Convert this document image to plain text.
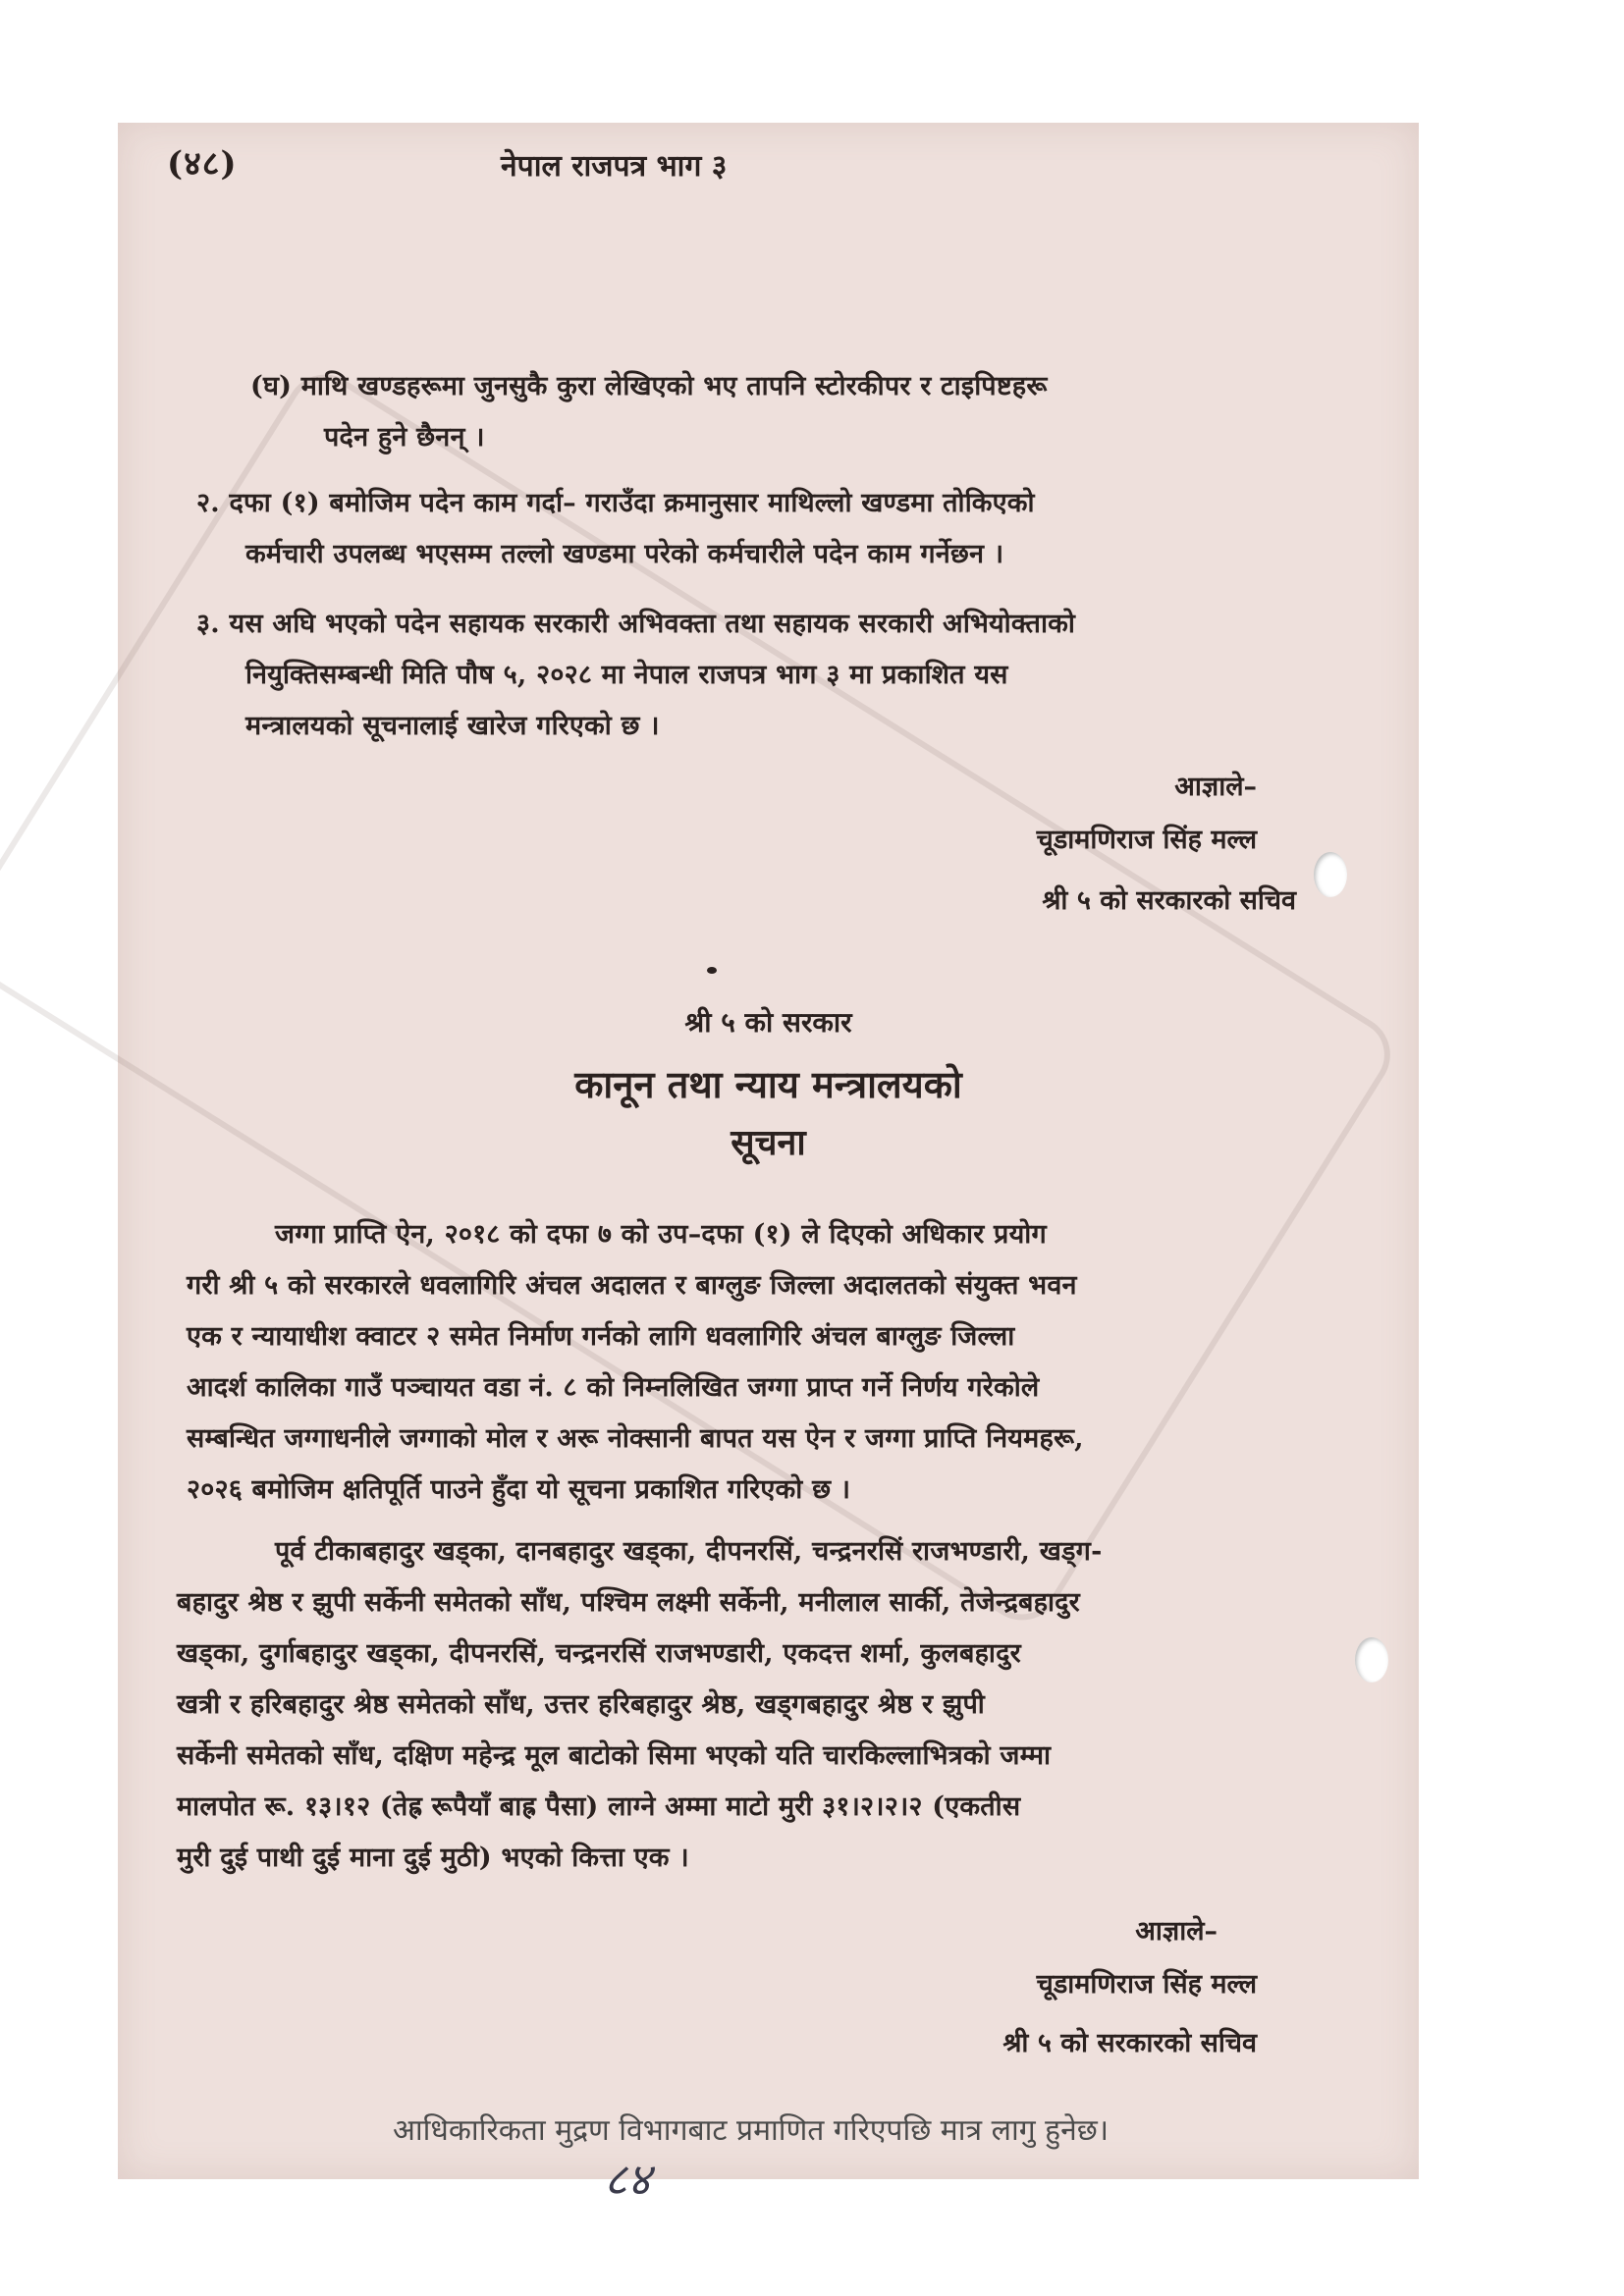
(४८)	नेपाल राजपत्र भाग ३
(घ) माथि खण्डहरूमा जुनसुकै कुरा लेखिएको भए तापनि स्टोरकीपर र टाइपिष्टहरू
पदेन हुने छैनन् ।
२. दफा (१) बमोजिम पदेन काम गर्दा– गराउँदा क्रमानुसार माथिल्लो खण्डमा तोकिएको
कर्मचारी उपलब्ध भएसम्म तल्लो खण्डमा परेको कर्मचारीले पदेन काम गर्नेछन ।
३. यस अघि भएको पदेन सहायक सरकारी अभिवक्ता तथा सहायक सरकारी अभियोक्ताको
नियुक्तिसम्बन्धी मिति पौष ५, २०२८ मा नेपाल राजपत्र भाग ३ मा प्रकाशित यस
मन्त्रालयको सूचनालाई खारेज गरिएको छ ।
आज्ञाले–
चूडामणिराज सिंह मल्ल
श्री ५ को सरकारको सचिव
श्री ५ को सरकार
कानून तथा न्याय मन्त्रालयको
सूचना
जग्गा प्राप्ति ऐन, २०१८ को दफा ७ को उप–दफा (१) ले दिएको अधिकार प्रयोग
गरी श्री ५ को सरकारले धवलागिरि अंचल अदालत र बाग्लुङ जिल्ला अदालतको संयुक्त भवन
एक र न्यायाधीश क्वाटर २ समेत निर्माण गर्नको लागि धवलागिरि अंचल बाग्लुङ जिल्ला
आदर्श कालिका गाउँ पञ्चायत वडा नं. ८ को निम्नलिखित जग्गा प्राप्त गर्ने निर्णय गरेकोले
सम्बन्धित जग्गाधनीले जग्गाको मोल र अरू नोक्सानी बापत यस ऐन र जग्गा प्राप्ति नियमहरू,
२०२६ बमोजिम क्षतिपूर्ति पाउने हुँदा यो सूचना प्रकाशित गरिएको छ ।
पूर्व टीकाबहादुर खड्का, दानबहादुर खड्का, दीपनरसिं, चन्द्रनरसिं राजभण्डारी, खड्ग-
बहादुर श्रेष्ठ र झुपी सर्केनी समेतको साँध, पश्चिम लक्ष्मी सर्केनी, मनीलाल सार्की, तेजेन्द्रबहादुर
खड्का, दुर्गाबहादुर खड्का, दीपनरसिं, चन्द्रनरसिं राजभण्डारी, एकदत्त शर्मा, कुलबहादुर
खत्री र हरिबहादुर श्रेष्ठ समेतको साँध, उत्तर हरिबहादुर श्रेष्ठ, खड्गबहादुर श्रेष्ठ र झुपी
सर्केनी समेतको साँध, दक्षिण महेन्द्र मूल बाटोको सिमा भएको यति चारकिल्लाभित्रको जम्मा
मालपोत रू. १३।१२ (तेह्र रूपैयाँ बाह्र पैसा) लाग्ने अम्मा माटो मुरी ३१।२।२।२ (एकतीस
मुरी दुई पाथी दुई माना दुई मुठी) भएको कित्ता एक ।
आज्ञाले–
चूडामणिराज सिंह मल्ल
श्री ५ को सरकारको सचिव
आधिकारिकता मुद्रण विभागबाट प्रमाणित गरिएपछि मात्र लागु हुनेछ।
८४
